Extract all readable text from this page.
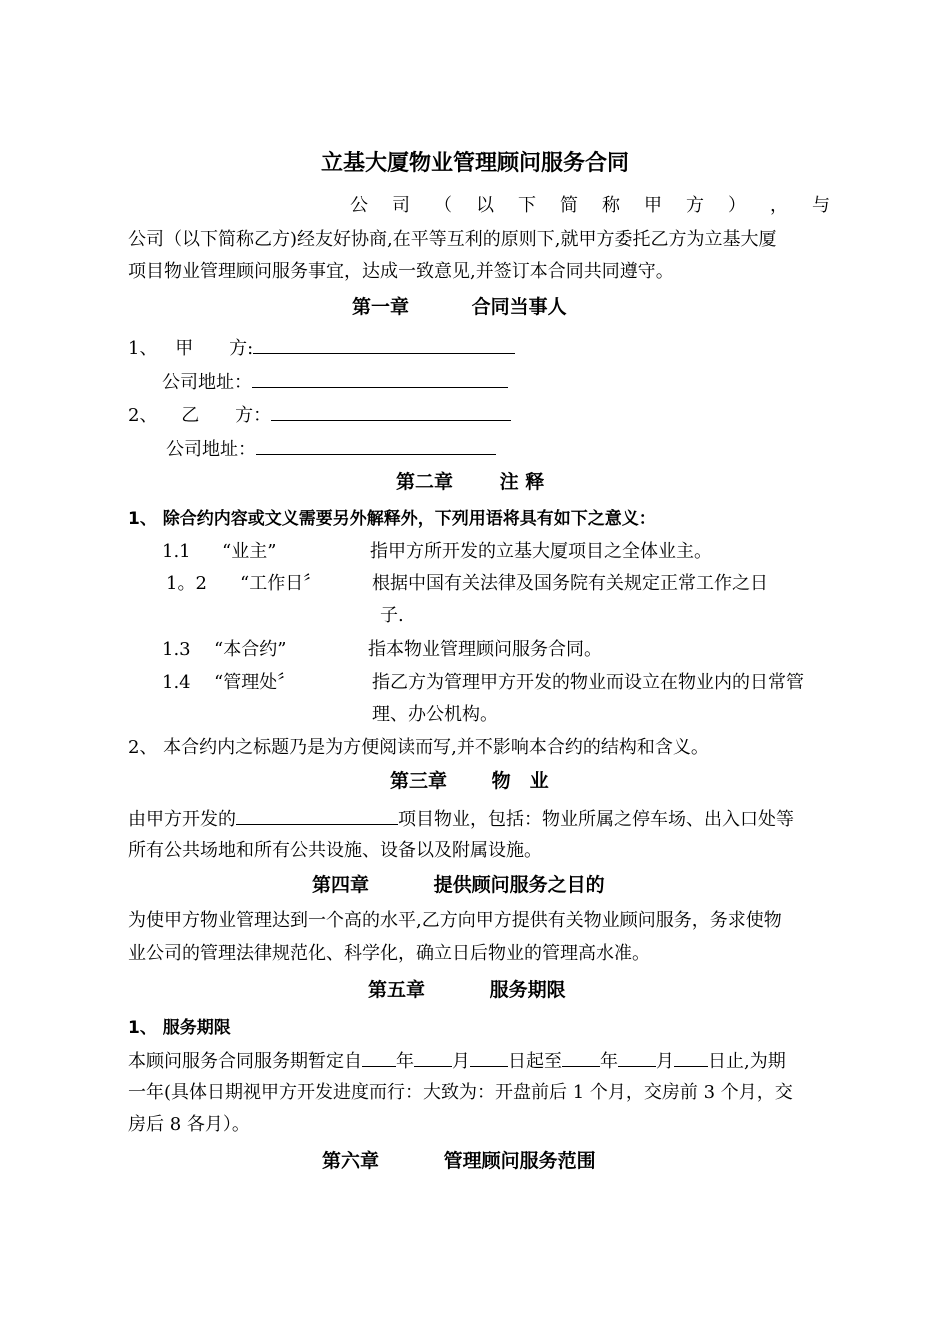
立基大厦物业管理顾问服务合同
公 司 （ 以 下 简 称 甲 方 ） ， 与
公司（以下简称乙方)经友好协商,在平等互利的原则下,就甲方委托乙方为立基大厦
项目物业管理顾问服务事宜，达成一致意见,并签订本合同共同遵守。
第一章	合同当事人
1、 甲　　方:
公司地址：
2、 乙　　方：
公司地址：
第二章 注 释
1、 除合约内容或文义需要另外解释外，下列用语将具有如下之意义：
1.1 “业主”	指甲方所开发的立基大厦项目之全体业主。
1。2 “工作日〞	根据中国有关法律及国务院有关规定正常工作之日
子.
1.3 “本合约”	指本物业管理顾问服务合同。
1.4 “管理处〞	指乙方为管理甲方开发的物业而设立在物业内的日常管
理、办公机构。
2、 本合约内之标题乃是为方便阅读而写,并不影响本合约的结构和含义。
第三章 物　业
由甲方开发的	项目物业，包括：物业所属之停车场、出入口处等
所有公共场地和所有公共设施、设备以及附属设施。
第四章	提供顾问服务之目的
为使甲方物业管理达到一个高的水平,乙方向甲方提供有关物业顾问服务，务求使物
业公司的管理法律规范化、科学化，确立日后物业的管理高水准。
第五章	服务期限
1、 服务期限
本顾问服务合同服务期暂定自 年 月 日起至 年 月 日止,为期
一年(具体日期视甲方开发进度而行：大致为：开盘前后 1 个月，交房前 3 个月，交
房后 8 各月）。
第六章	管理顾问服务范围
